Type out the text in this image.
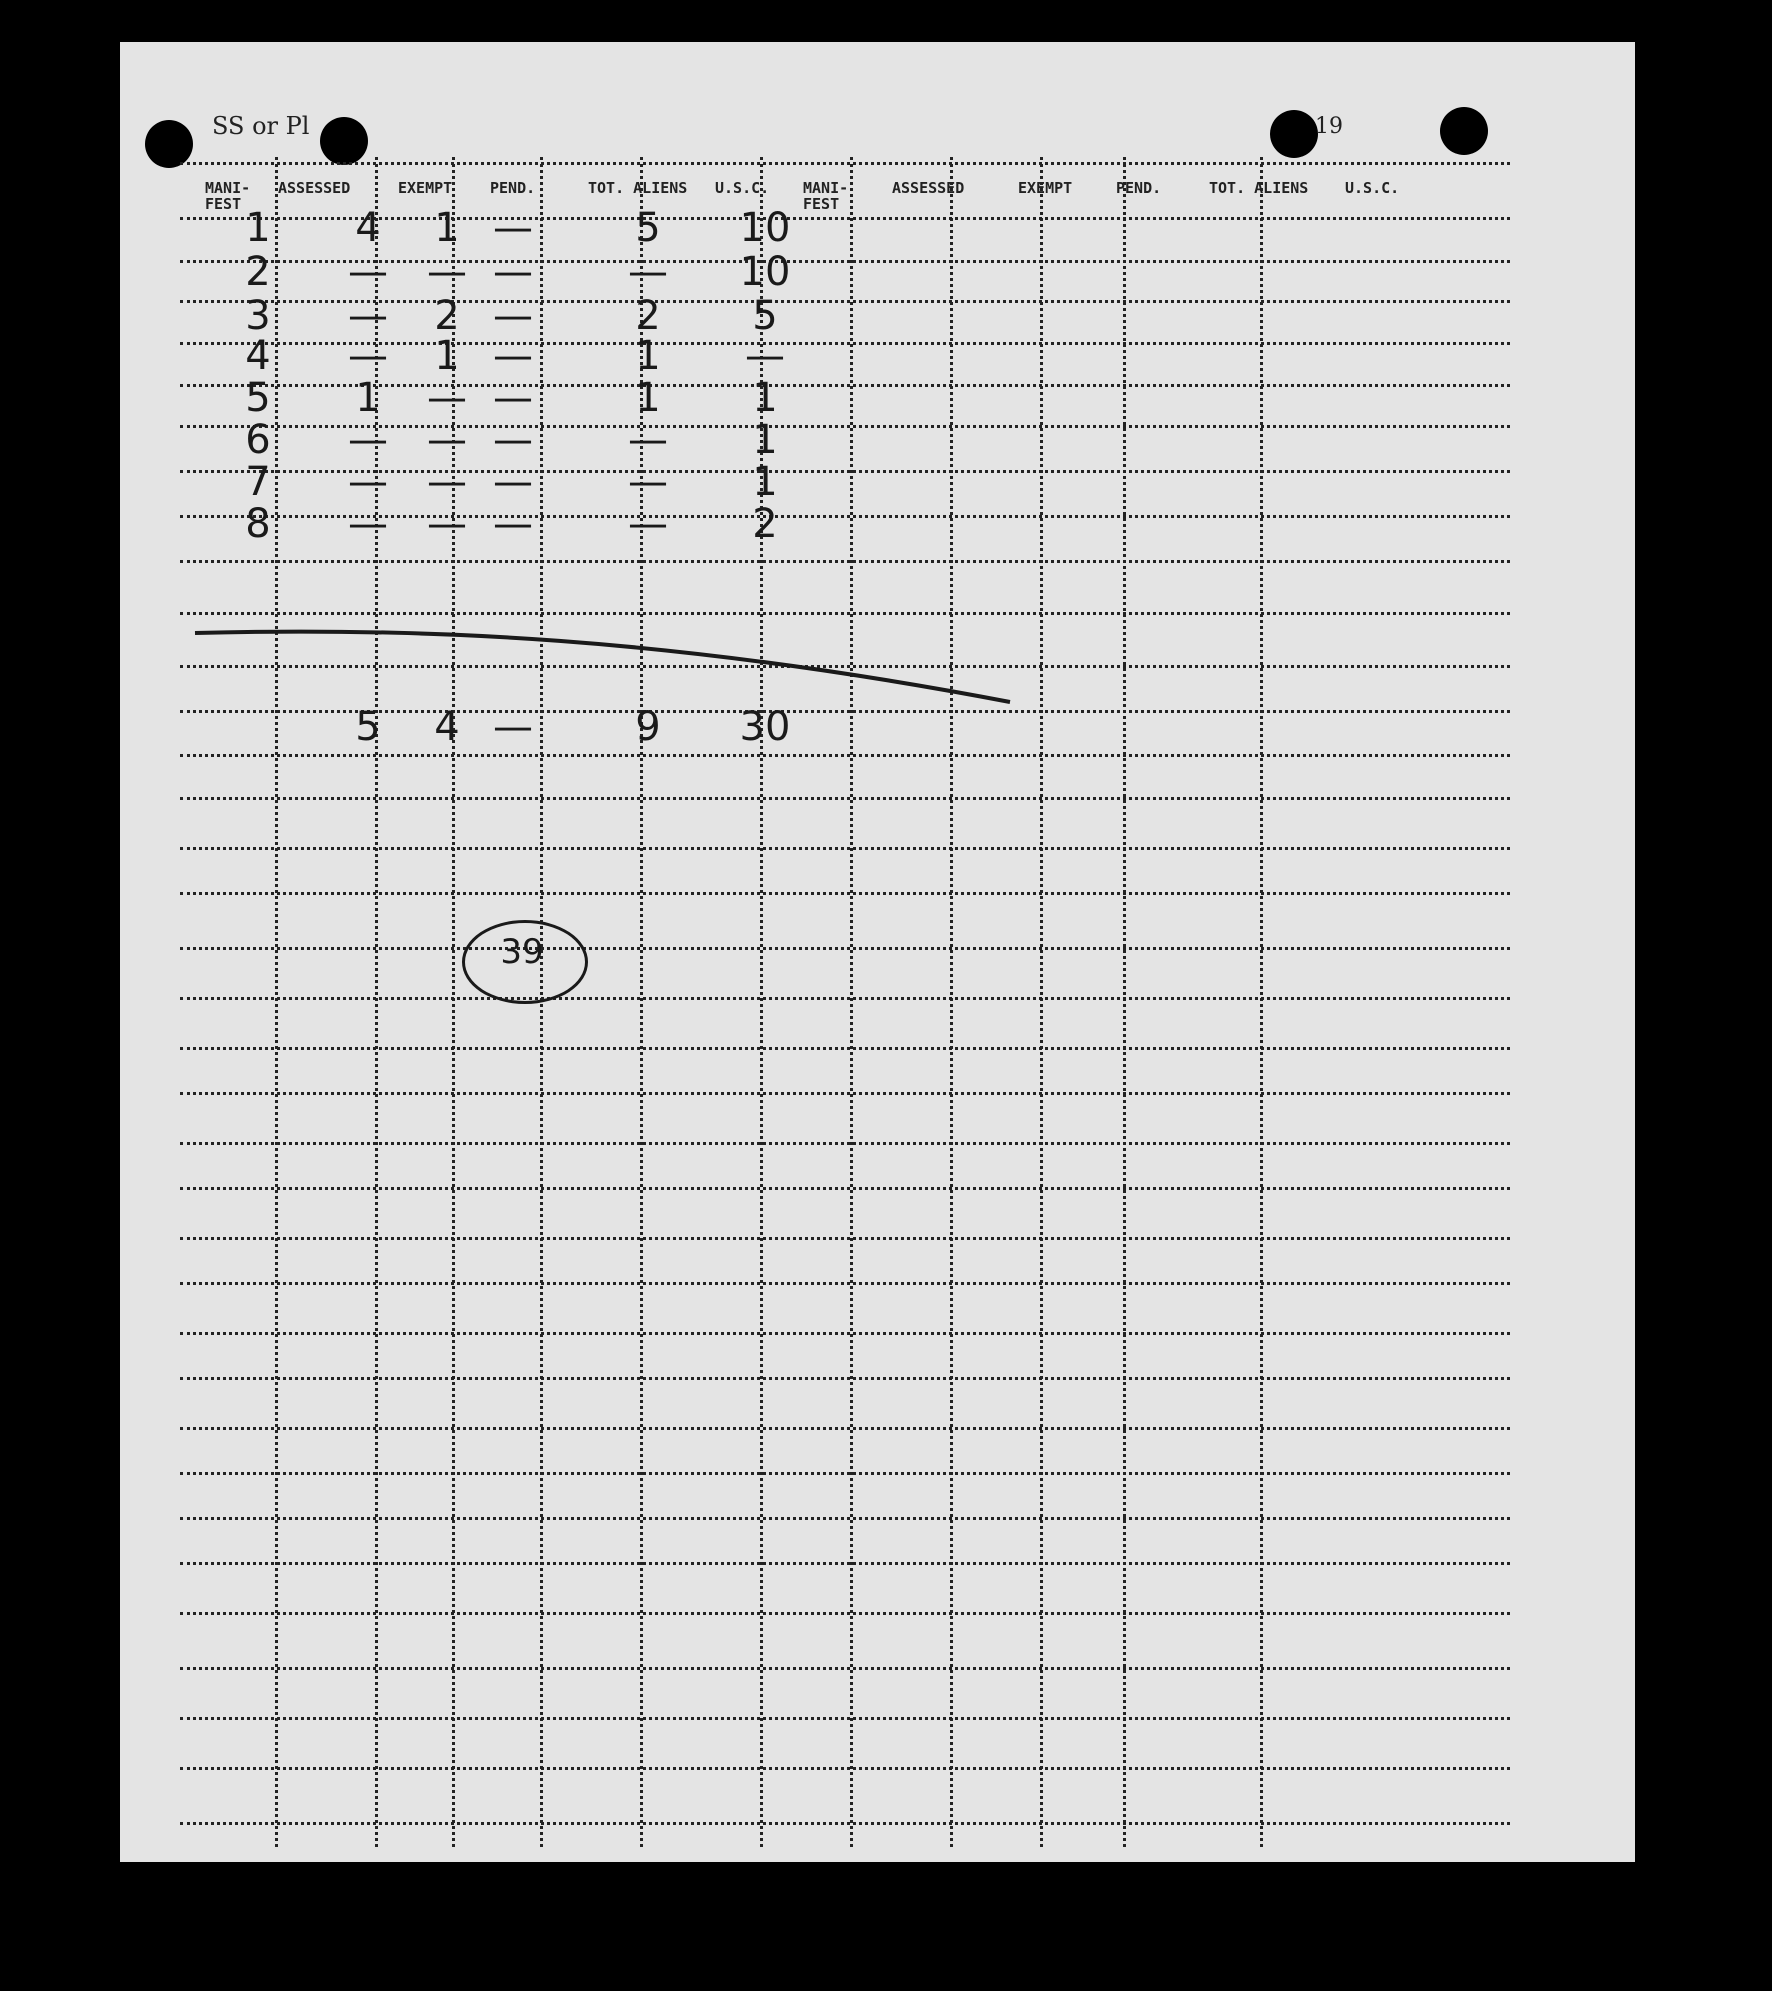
SS or Pl	19
MANI-
FEST
ASSESSED	EXEMPT	PEND.	TOT. ALIENS U.S.C. MANI-
FEST
ASSESSED	EXEMPT	PEND.	TOT. ALIENS U.S.C.
1 4 1 —	5 10
2 — — — — 10
3 — 2 —	2 5
4 — 1 —	1 —
5 1 — —	1 1
6 — — — — 1
7 — — — — 1
8 — — — — 2
5 4 —	9 30
39
